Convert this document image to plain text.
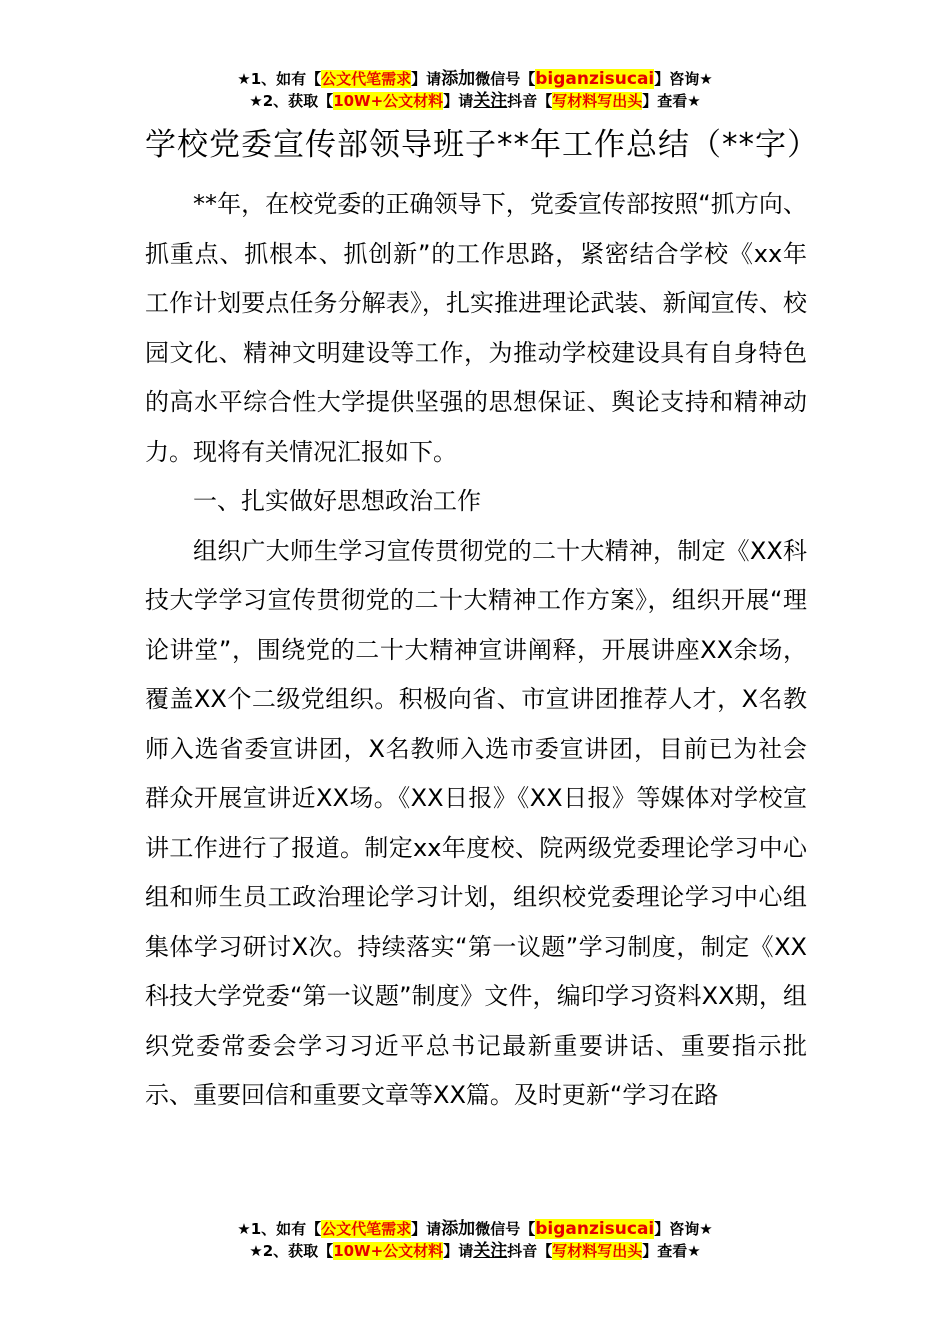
★1、如有【公文代笔需求】请添加微信号【biganzisucai】咨询★
★2、获取【10W+公文材料】请关注抖音【写材料写出头】查看★
学校党委宣传部领导班子**年工作总结（**字）

**年，在校党委的正确领导下，党委宣传部按照“抓方向、抓重点、抓根本、抓创新”的工作思路，紧密结合学校《xx年工作计划要点任务分解表》，扎实推进理论武装、新闻宣传、校园文化、精神文明建设等工作，为推动学校建设具有自身特色的高水平综合性大学提供坚强的思想保证、舆论支持和精神动力。现将有关情况汇报如下。

一、扎实做好思想政治工作

组织广大师生学习宣传贯彻党的二十大精神，制定《XX科技大学学习宣传贯彻党的二十大精神工作方案》，组织开展“理论讲堂”，围绕党的二十大精神宣讲阐释，开展讲座XX余场，覆盖XX个二级党组织。积极向省、市宣讲团推荐人才，X名教师入选省委宣讲团，X名教师入选市委宣讲团，目前已为社会群众开展宣讲近XX场。《XX日报》《XX日报》等媒体对学校宣讲工作进行了报道。制定xx年度校、院两级党委理论学习中心组和师生员工政治理论学习计划，组织校党委理论学习中心组集体学习研讨X次。持续落实“第一议题”学习制度，制定《XX科技大学党委“第一议题”制度》文件，编印学习资料XX期，组织党委常委会学习习近平总书记最新重要讲话、重要指示批示、重要回信和重要文章等XX篇。及时更新“学习在路

★1、如有【公文代笔需求】请添加微信号【biganzisucai】咨询★
★2、获取【10W+公文材料】请关注抖音【写材料写出头】查看★
